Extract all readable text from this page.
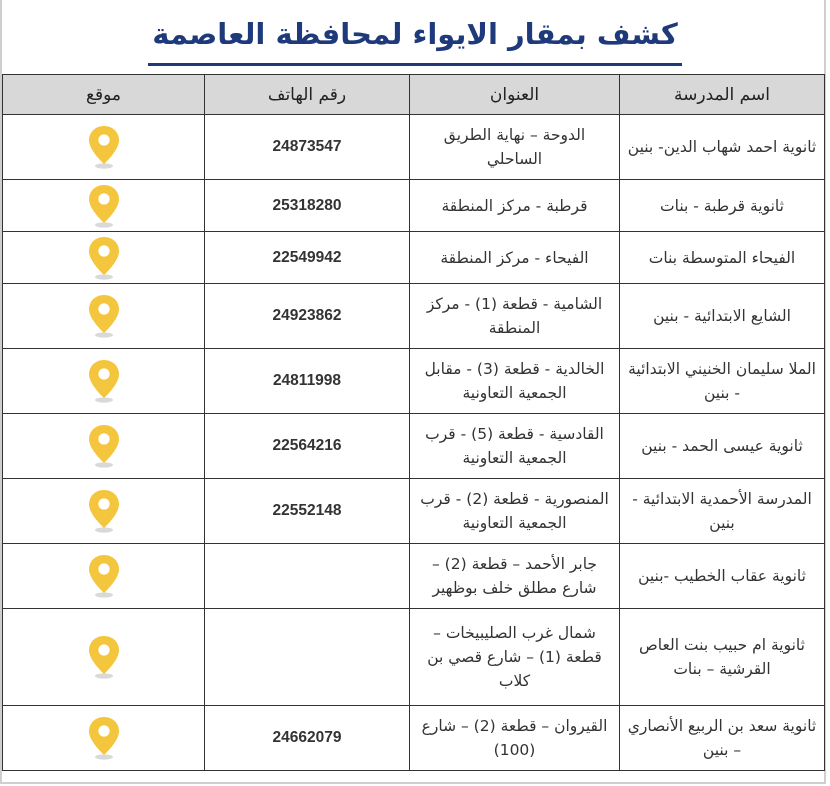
كشف بمقار الايواء لمحافظة العاصمة
اسم المدرسة	العنوان	رقم الهاتف	موقع
ثانوية احمد شهاب الدين- بنين	الدوحة – نهاية الطريق الساحلي	24873547	

ثانوية قرطبة - بنات	قرطبة - مركز المنطقة	25318280	

الفيحاء المتوسطة بنات	الفيحاء - مركز المنطقة	22549942	

الشايع الابتدائية - بنين	الشامية - قطعة (1) - مركز المنطقة	24923862	

الملا سليمان الخنيني الابتدائية - بنين	الخالدية - قطعة (3) - مقابل الجمعية التعاونية	24811998	

ثانوية عيسى الحمد - بنين	القادسية - قطعة (5) - قرب الجمعية التعاونية	22564216	

المدرسة الأحمدية الابتدائية - بنين	المنصورية - قطعة (2) - قرب الجمعية التعاونية	22552148	

ثانوية عقاب الخطيب -بنين	جابر الأحمد – قطعة (2) – شارع مطلق خلف بوظهير		

ثانوية ام حبيب بنت العاص القرشية – بنات	شمال غرب الصليبيخات – قطعة (1) – شارع قصي بن كلاب		

ثانوية سعد بن الربيع الأنصاري – بنين	القيروان – قطعة (2) – شارع (100)	24662079	
